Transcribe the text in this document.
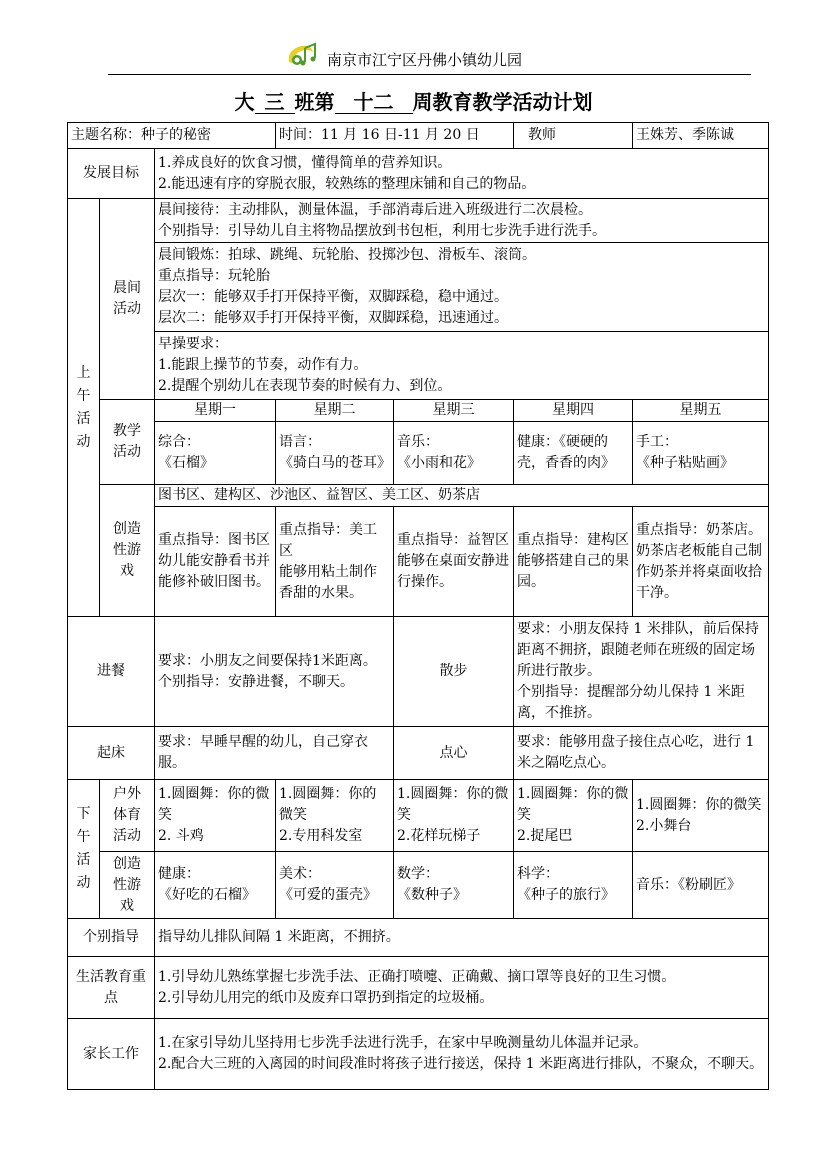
南京市江宁区丹佛小镇幼儿园
大 三 班第 十二 周教育教学活动计划
主题名称：种子的秘密			时间：11 月 16 日-11 月 20 日		教师	王姝芳、季陈诚
发展目标		1.养成良好的饮食习惯，懂得简单的营养知识。
2.能迅速有序的穿脱衣服，较熟练的整理床铺和自己的物品。				

上午活动	晨间活动	晨间接待：主动排队，测量体温，手部消毒后进入班级进行二次晨检。
个别指导：引导幼儿自主将物品摆放到书包柜，利用七步洗手进行洗手。				

		晨间锻炼：拍球、跳绳、玩轮胎、投掷沙包、滑板车、滚筒。
重点指导：玩轮胎
层次一：能够双手打开保持平衡，双脚踩稳，稳中通过。
层次二：能够双手打开保持平衡，双脚踩稳，迅速通过。				

		早操要求：
1.能跟上操节的节奏，动作有力。
2.提醒个别幼儿在表现节奏的时候有力、到位。				

	教学活动	星期一	星期二	星期三	星期四	星期五

		综合：
《石榴》	语言：
《骑白马的苍耳》	音乐：
《小雨和花》	健康：《硬硬的壳，香香的肉》	手工：
《种子粘贴画》

	创造性游戏	图书区、建构区、沙池区、益智区、美工区、奶茶店				
		重点指导：图书区
幼儿能安静看书并能修补破旧图书。	重点指导：美工区
能够用粘土制作香甜的水果。	重点指导：益智区
能够在桌面安静进行操作。	重点指导：建构区
能够搭建自己的果园。	重点指导：奶茶店。
奶茶店老板能自己制作奶茶并将桌面收拾干净。
进餐		要求：小朋友之间要保持1米距离。
个别指导：安静进餐，不聊天。		散步	要求：小朋友保持 1 米排队，前后保持距离不拥挤，跟随老师在班级的固定场所进行散步。
个别指导：提醒部分幼儿保持 1 米距离，不推挤。	

起床		要求：早睡早醒的幼儿，自己穿衣服。		点心	要求：能够用盘子接住点心吃，进行 1 米之隔吃点心。	
下午活动	户外体育活动	1.圆圈舞：你的微笑
2. 斗鸡	1.圆圈舞：你的微笑
2.专用科发室	1.圆圈舞：你的微笑
2.花样玩梯子	1.圆圈舞：你的微笑
2.捉尾巴	1.圆圈舞：你的微笑
2.小舞台

	创造性游戏	健康：
《好吃的石榴》	美术：
《可爱的蛋壳》	数学：
《数种子》	科学：
《种子的旅行》	音乐：《粉刷匠》
个别指导		指导幼儿排队间隔 1 米距离，不拥挤。				
生活教育重点		1.引导幼儿熟练掌握七步洗手法、正确打喷嚏、正确戴、摘口罩等良好的卫生习惯。
2.引导幼儿用完的纸巾及废弃口罩扔到指定的垃圾桶。				

家长工作		1.在家引导幼儿坚持用七步洗手法进行洗手，在家中早晚测量幼儿体温并记录。
2.配合大三班的入离园的时间段准时将孩子进行接送，保持 1 米距离进行排队，不聚众，不聊天。				
